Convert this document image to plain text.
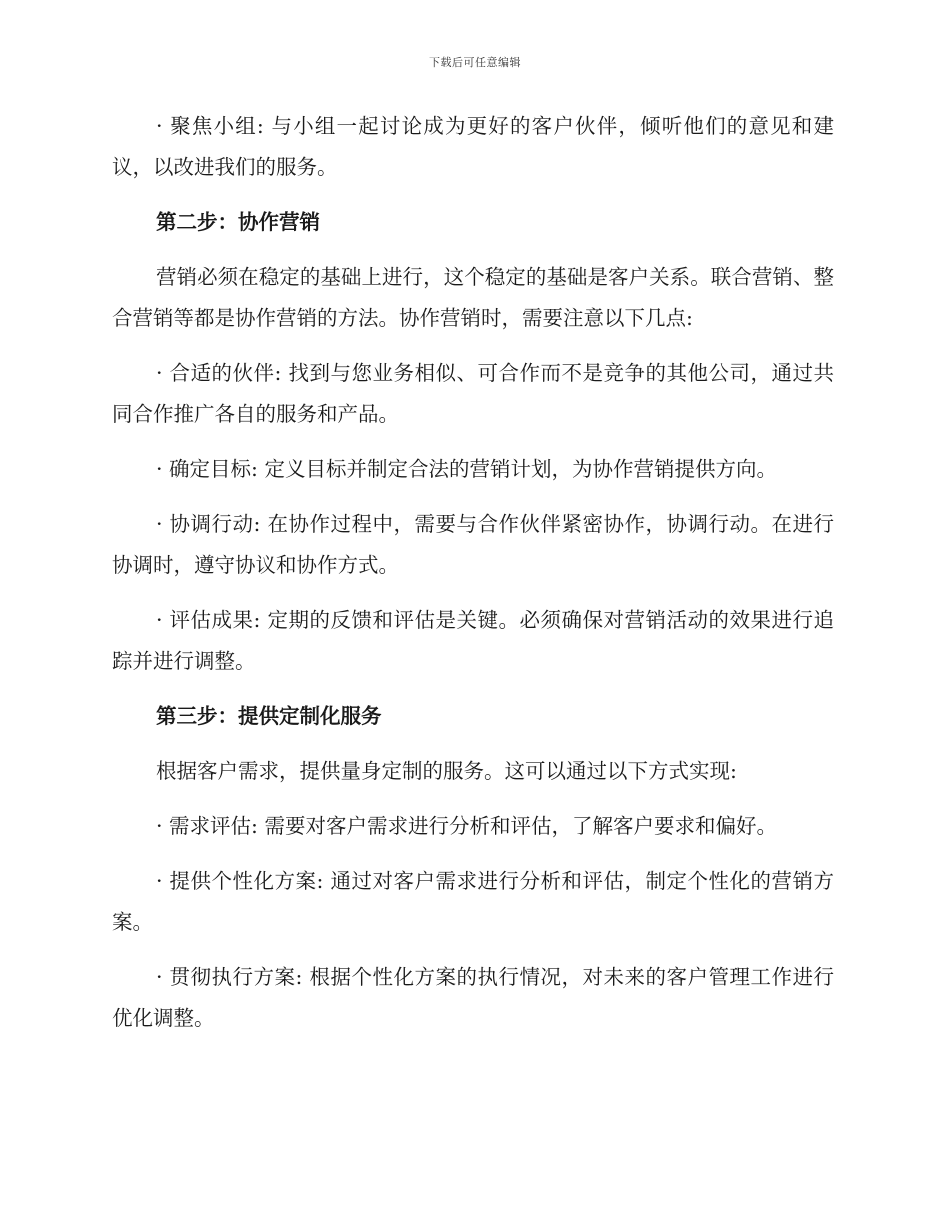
下载后可任意编辑

· 聚焦小组: 与小组一起讨论成为更好的客户伙伴，倾听他们的意见和建议，以改进我们的服务。

第二步：协作营销

营销必须在稳定的基础上进行，这个稳定的基础是客户关系。联合营销、整合营销等都是协作营销的方法。协作营销时，需要注意以下几点:

· 合适的伙伴: 找到与您业务相似、可合作而不是竞争的其他公司，通过共同合作推广各自的服务和产品。

· 确定目标: 定义目标并制定合法的营销计划，为协作营销提供方向。

· 协调行动: 在协作过程中，需要与合作伙伴紧密协作，协调行动。在进行协调时，遵守协议和协作方式。

· 评估成果: 定期的反馈和评估是关键。必须确保对营销活动的效果进行追踪并进行调整。

第三步：提供定制化服务

根据客户需求，提供量身定制的服务。这可以通过以下方式实现:

· 需求评估: 需要对客户需求进行分析和评估，了解客户要求和偏好。

· 提供个性化方案: 通过对客户需求进行分析和评估，制定个性化的营销方案。

· 贯彻执行方案: 根据个性化方案的执行情况，对未来的客户管理工作进行优化调整。
